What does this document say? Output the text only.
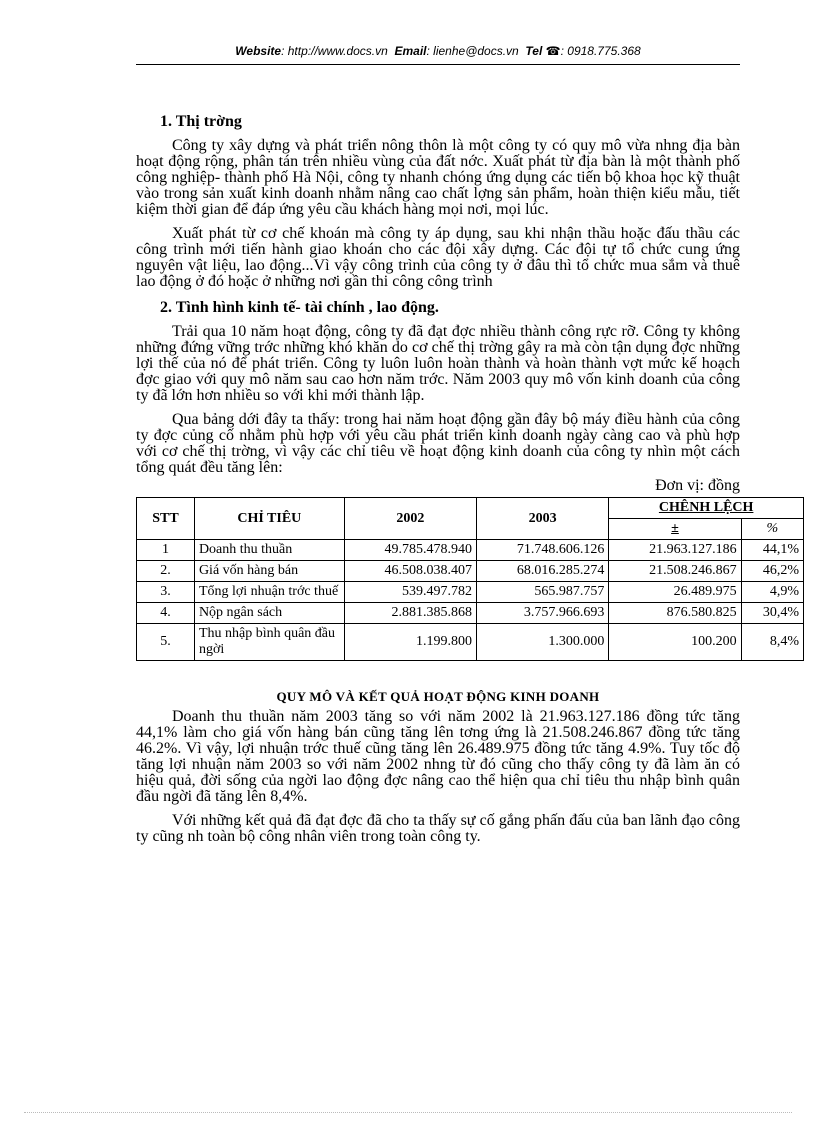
Website: http://www.docs.vn Email: lienhe@docs.vn Tel ☎: 0918.775.368
1. Thị trờng

Công ty xây dựng và phát triển nông thôn là một công ty có quy mô vừa nhng địa bàn hoạt động rộng, phân tán trên nhiều vùng của đất nớc. Xuất phát từ địa bàn là một thành phố công nghiệp- thành phố Hà Nội, công ty nhanh chóng ứng dụng các tiến bộ khoa học kỹ thuật vào trong sản xuất kinh doanh nhằm nâng cao chất lợng sản phẩm, hoàn thiện kiểu mẫu, tiết kiệm thời gian để đáp ứng yêu cầu khách hàng mọi nơi, mọi lúc.

Xuất phát từ cơ chế khoán mà công ty áp dụng, sau khi nhận thầu hoặc đấu thầu các công trình mới tiến hành giao khoán cho các đội xây dựng. Các đội tự tổ chức cung ứng nguyên vật liệu, lao động...Vì vậy công trình của công ty ở đâu thì tổ chức mua sắm và thuê lao động ở đó hoặc ở những nơi gần thi công công trình

2. Tình hình kinh tế- tài chính , lao động.

Trải qua 10 năm hoạt động, công ty đã đạt đợc nhiều thành công rực rỡ. Công ty không những đứng vững trớc những khó khăn do cơ chế thị trờng gây ra mà còn tận dụng đợc những lợi thế của nó để phát triển. Công ty luôn luôn hoàn thành và hoàn thành vợt mức kế hoạch đợc giao với quy mô năm sau cao hơn năm trớc. Năm 2003 quy mô vốn kinh doanh của công ty đã lớn hơn nhiều so với khi mới thành lập.

Qua bảng dới đây ta thấy: trong hai năm hoạt động gần đây bộ máy điều hành của công ty đợc củng cố nhằm phù hợp với yêu cầu phát triển kinh doanh ngày càng cao và phù hợp với cơ chế thị trờng, vì vậy các chỉ tiêu về hoạt động kinh doanh của công ty nhìn một cách tổng quát đều tăng lên:

Đơn vị: đồng
STT	CHỈ TIÊU	2002	2003	CHÊNH LỆCH	
				±	%
1	Doanh thu thuần	49.785.478.940	71.748.606.126	21.963.127.186	44,1%
2.	Giá vốn hàng bán	46.508.038.407	68.016.285.274	21.508.246.867	46,2%
3.	Tổng lợi nhuận trớc thuế	539.497.782	565.987.757	26.489.975	4,9%
4.	Nộp ngân sách	2.881.385.868	3.757.966.693	876.580.825	30,4%
5.	Thu nhập bình quân đầu ngời	1.199.800	1.300.000	100.200	8,4%
QUY MÔ VÀ KẾT QUẢ HOẠT ĐỘNG KINH DOANH

Doanh thu thuần năm 2003 tăng so với năm 2002 là 21.963.127.186 đồng tức tăng 44,1% làm cho giá vốn hàng bán cũng tăng lên tơng ứng là 21.508.246.867 đồng tức tăng 46.2%. Vì vậy, lợi nhuận trớc thuế cũng tăng lên 26.489.975 đồng tức tăng 4.9%. Tuy tốc độ tăng lợi nhuận năm 2003 so với năm 2002 nhng từ đó cũng cho thấy công ty đã làm ăn có hiệu quả, đời sống của ngời lao động đợc nâng cao thể hiện qua chỉ tiêu thu nhập bình quân đầu ngời đã tăng lên 8,4%.

Với những kết quả đã đạt đợc đã cho ta thấy sự cố gắng phấn đấu của ban lãnh đạo công ty cũng nh toàn bộ công nhân viên trong toàn công ty.
